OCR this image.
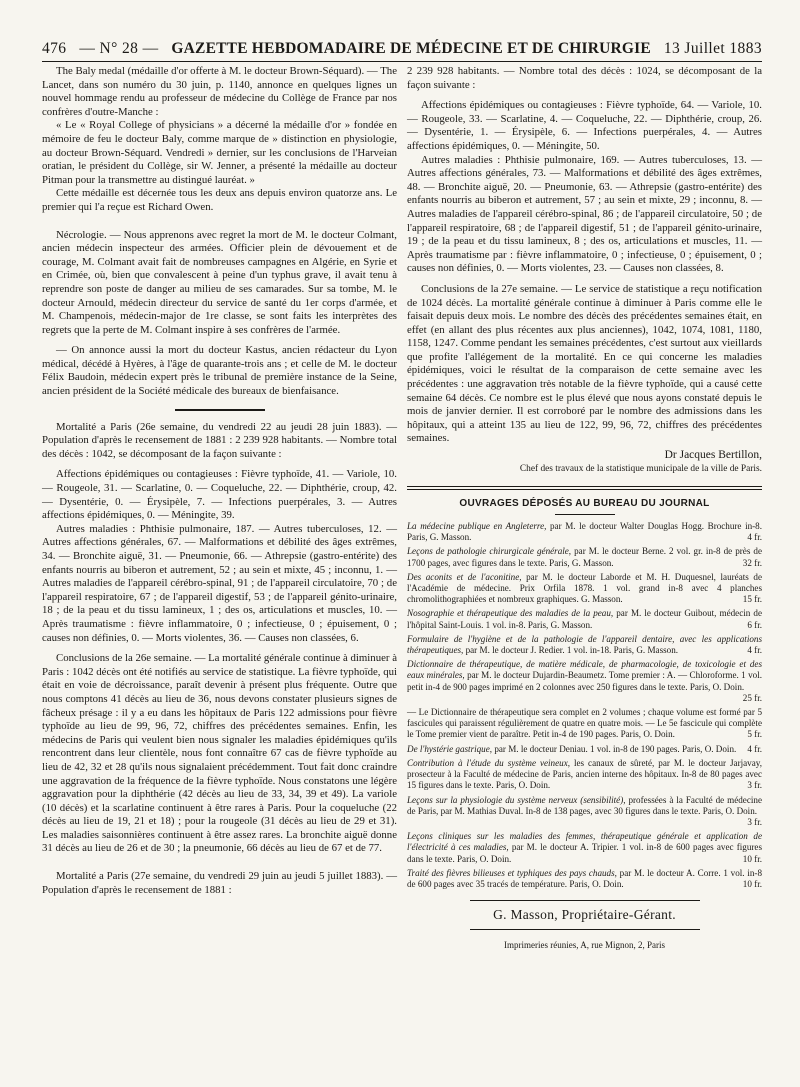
476 — N° 28 — GAZETTE HEBDOMADAIRE DE MÉDECINE ET DE CHIRURGIE 13 Juillet 1883

The Baly medal (médaille d'or offerte à M. le docteur Brown-Séquard). — The Lancet, dans son numéro du 30 juin, p. 1140, annonce en quelques lignes un nouvel hommage rendu au professeur de médecine du Collège de France par nos confrères d'outre-Manche :

« Le « Royal College of physicians » a décerné la médaille d'or » fondée en mémoire de feu le docteur Baly, comme marque de » distinction en physiologie, au docteur Brown-Séquard. Vendredi » dernier, sur les conclusions de l'Harveian oratian, le président du Collège, sir W. Jenner, a présenté la médaille au docteur Pitman pour la transmettre au distingué lauréat. »

Cette médaille est décernée tous les deux ans depuis environ quatorze ans. Le premier qui l'a reçue est Richard Owen.

Nécrologie. — Nous apprenons avec regret la mort de M. le docteur Colmant, ancien médecin inspecteur des armées. Officier plein de dévouement et de courage, M. Colmant avait fait de nombreuses campagnes en Algérie, en Syrie et en Crimée, où, bien que convalescent à peine d'un typhus grave, il avait tenu à reprendre son poste de danger au milieu de ses camarades. Sur sa tombe, M. le docteur Arnould, médecin directeur du service de santé du 1er corps d'armée, et M. Champenois, médecin-major de 1re classe, se sont faits les interprètes des regrets que la perte de M. Colmant inspire à ses confrères de l'armée.

— On annonce aussi la mort du docteur Kastus, ancien rédacteur du Lyon médical, décédé à Hyères, à l'âge de quarante-trois ans ; et celle de M. le docteur Félix Baudoin, médecin expert près le tribunal de première instance de la Seine, ancien président de la Société médicale des bureaux de bienfaisance.

Mortalité a Paris (26e semaine, du vendredi 22 au jeudi 28 juin 1883). — Population d'après le recensement de 1881 : 2 239 928 habitants. — Nombre total des décès : 1042, se décomposant de la façon suivante :

Affections épidémiques ou contagieuses : Fièvre typhoïde, 41. — Variole, 10. — Rougeole, 31. — Scarlatine, 0. — Coqueluche, 22. — Diphthérie, croup, 42. — Dysentérie, 0. — Érysipèle, 7. — Infections puerpérales, 3. — Autres affections épidémiques, 0. — Méningite, 39.

Autres maladies : Phthisie pulmonaire, 187. — Autres tuberculoses, 12. — Autres affections générales, 67. — Malformations et débilité des âges extrêmes, 34. — Bronchite aiguë, 31. — Pneumonie, 66. — Athrepsie (gastro-entérite) des enfants nourris au biberon et autrement, 52 ; au sein et mixte, 45 ; inconnu, 1. — Autres maladies de l'appareil cérébro-spinal, 91 ; de l'appareil circulatoire, 70 ; de l'appareil respiratoire, 67 ; de l'appareil digestif, 53 ; de l'appareil génito-urinaire, 18 ; de la peau et du tissu lamineux, 1 ; des os, articulations et muscles, 10. — Après traumatisme : fièvre inflammatoire, 0 ; infectieuse, 0 ; épuisement, 0 ; causes non définies, 0. — Morts violentes, 36. — Causes non classées, 6.

Conclusions de la 26e semaine. — La mortalité générale continue à diminuer à Paris : 1042 décès ont été notifiés au service de statistique. La fièvre typhoïde, qui était en voie de décroissance, paraît devenir à présent plus fréquente. Outre que nous comptons 41 décès au lieu de 36, nous devons constater plusieurs signes de fâcheux présage : il y a eu dans les hôpitaux de Paris 122 admissions pour fièvre typhoïde au lieu de 99, 96, 72, chiffres des précédentes semaines. Enfin, les médecins de Paris qui veulent bien nous signaler les maladies épidémiques qu'ils rencontrent dans leur clientèle, nous font connaître 67 cas de fièvre typhoïde au lieu de 42, 32 et 28 qu'ils nous signalaient précédemment. Tout fait donc craindre une aggravation de la fréquence de la fièvre typhoïde. Nous constatons une légère aggravation pour la diphthérie (42 décès au lieu de 33, 34, 39 et 49). La variole (10 décès) et la scarlatine continuent à être rares à Paris. Pour la coqueluche (22 décès au lieu de 19, 21 et 18) ; pour la rougeole (31 décès au lieu de 29 et 31). Les maladies saisonnières continuent à être assez rares. La bronchite aiguë donne 31 décès au lieu de 26 et de 30 ; la pneumonie, 66 décès au lieu de 67 et de 77.

Mortalité a Paris (27e semaine, du vendredi 29 juin au jeudi 5 juillet 1883). — Population d'après le recensement de 1881 :

2 239 928 habitants. — Nombre total des décès : 1024, se décomposant de la façon suivante :

Affections épidémiques ou contagieuses : Fièvre typhoïde, 64. — Variole, 10. — Rougeole, 33. — Scarlatine, 4. — Coqueluche, 22. — Diphthérie, croup, 26. — Dysentérie, 1. — Érysipèle, 6. — Infections puerpérales, 4. — Autres affections épidémiques, 0. — Méningite, 50.

Autres maladies : Phthisie pulmonaire, 169. — Autres tuberculoses, 13. — Autres affections générales, 73. — Malformations et débilité des âges extrêmes, 48. — Bronchite aiguë, 20. — Pneumonie, 63. — Athrepsie (gastro-entérite) des enfants nourris au biberon et autrement, 57 ; au sein et mixte, 29 ; inconnu, 8. — Autres maladies de l'appareil cérébro-spinal, 86 ; de l'appareil circulatoire, 50 ; de l'appareil respiratoire, 68 ; de l'appareil digestif, 51 ; de l'appareil génito-urinaire, 19 ; de la peau et du tissu lamineux, 8 ; des os, articulations et muscles, 11. — Après traumatisme par : fièvre inflammatoire, 0 ; infectieuse, 0 ; épuisement, 0 ; causes non définies, 0. — Morts violentes, 23. — Causes non classées, 8.

Conclusions de la 27e semaine. — Le service de statistique a reçu notification de 1024 décès. La mortalité générale continue à diminuer à Paris comme elle le faisait depuis deux mois. Le nombre des décès des précédentes semaines était, en effet (en allant des plus récentes aux plus anciennes), 1042, 1074, 1081, 1180, 1158, 1247. Comme pendant les semaines précédentes, c'est surtout aux vieillards que profite l'allégement de la mortalité. En ce qui concerne les maladies épidémiques, voici le résultat de la comparaison de cette semaine avec les précédentes : une aggravation très notable de la fièvre typhoïde, qui a causé cette semaine 64 décès. Ce nombre est le plus élevé que nous ayons constaté depuis le mois de janvier dernier. Il est corroboré par le nombre des admissions dans les hôpitaux, qui a atteint 135 au lieu de 122, 99, 96, 72, chiffres des précédentes semaines.

Dr Jacques Bertillon,
Chef des travaux de la statistique municipale de la ville de Paris.
OUVRAGES DÉPOSÉS AU BUREAU DU JOURNAL
La médecine publique en Angleterre, par M. le docteur Walter Douglas Hogg. Brochure in-8. Paris, G. Masson.	4 fr.
Leçons de pathologie chirurgicale générale, par M. le docteur Berne. 2 vol. gr. in-8 de près de 1700 pages, avec figures dans le texte. Paris, G. Masson.	32 fr.
Des aconits et de l'aconitine, par M. le docteur Laborde et M. H. Duquesnel, lauréats de l'Académie de médecine. Prix Orfila 1878. 1 vol. grand in-8 avec 4 planches chromolithographiées et nombreux graphiques. G. Masson.	15 fr.
Nosographie et thérapeutique des maladies de la peau, par M. le docteur Guibout, médecin de l'hôpital Saint-Louis. 1 vol. in-8. Paris, G. Masson.	6 fr.
Formulaire de l'hygiène et de la pathologie de l'appareil dentaire, avec les applications thérapeutiques, par M. le docteur J. Redier. 1 vol. in-18. Paris, G. Masson.	4 fr.
Dictionnaire de thérapeutique, de matière médicale, de pharmacologie, de toxicologie et des eaux minérales, par M. le docteur Dujardin-Beaumetz. Tome premier : A. — Chloroforme. 1 vol. petit in-4 de 900 pages imprimé en 2 colonnes avec 250 figures dans le texte. Paris, O. Doin.
25 fr.
— Le Dictionnaire de thérapeutique sera complet en 2 volumes ; chaque volume est formé par 5 fascicules qui paraissent régulièrement de quatre en quatre mois. — Le 5e fascicule qui complète le Tome premier vient de paraître. Petit in-4 de 190 pages. Paris, O. Doin.	5 fr.
De l'hystérie gastrique, par M. le docteur Deniau. 1 vol. in-8 de 190 pages. Paris, O. Doin.	4 fr.
Contribution à l'étude du système veineux, les canaux de sûreté, par M. le docteur Jarjavay, prosecteur à la Faculté de médecine de Paris, ancien interne des hôpitaux. In-8 de 80 pages avec 15 figures dans le texte. Paris, O. Doin.	3 fr.
Leçons sur la physiologie du système nerveux (sensibilité), professées à la Faculté de médecine de Paris, par M. Mathias Duval. In-8 de 138 pages, avec 30 figures dans le texte. Paris, O. Doin.
3 fr.
Leçons cliniques sur les maladies des femmes, thérapeutique générale et application de l'électricité à ces maladies, par M. le docteur A. Tripier. 1 vol. in-8 de 600 pages avec figures dans le texte. Paris, O. Doin.	10 fr.
Traité des fièvres bilieuses et typhiques des pays chauds, par M. le docteur A. Corre. 1 vol. in-8 de 600 pages avec 35 tracés de température. Paris, O. Doin.	10 fr.
G. Masson, Propriétaire-Gérant.
Imprimeries réunies, A, rue Mignon, 2, Paris
